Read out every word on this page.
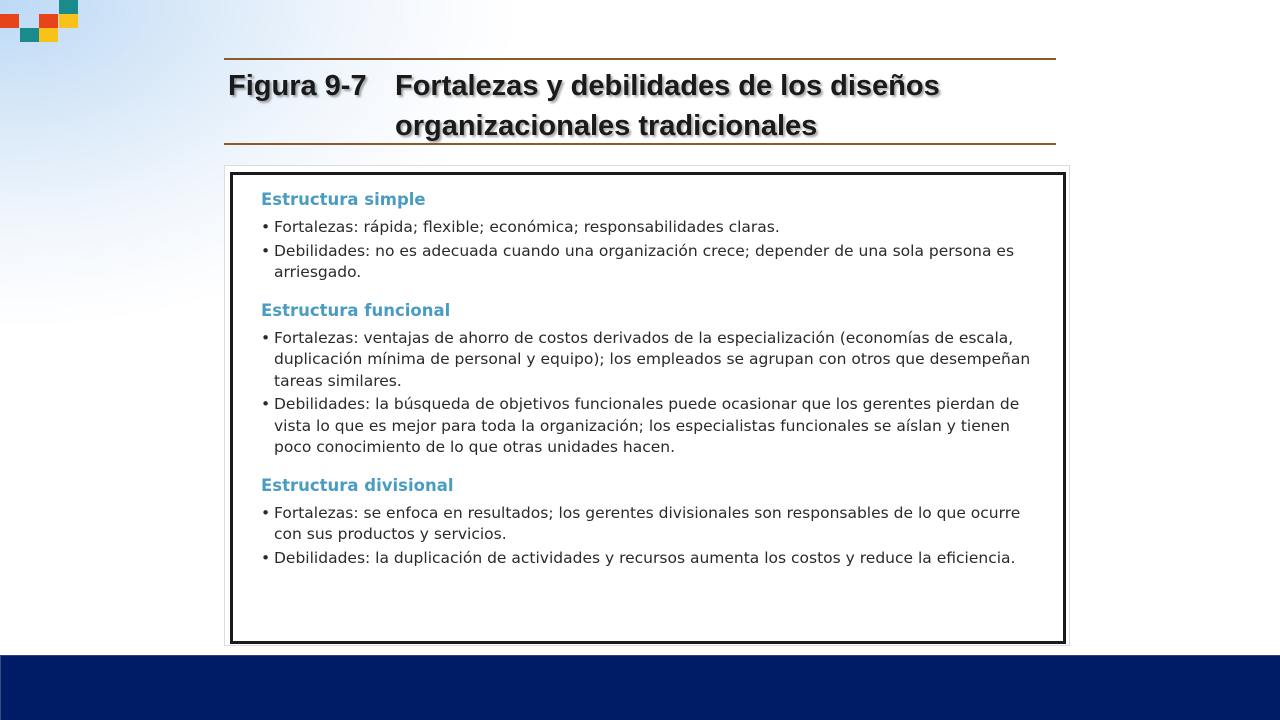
Figura 9-7 Fortalezas y debilidades de los diseños
organizacionales tradicionales
Estructura simple
• Fortalezas: rápida; flexible; económica; responsabilidades claras.
• Debilidades: no es adecuada cuando una organización crece; depender de una sola persona es arriesgado.
Estructura funcional
• Fortalezas: ventajas de ahorro de costos derivados de la especialización (economías de escala, duplicación mínima de personal y equipo); los empleados se agrupan con otros que desempeñan tareas similares.
• Debilidades: la búsqueda de objetivos funcionales puede ocasionar que los gerentes pierdan de vista lo que es mejor para toda la organización; los especialistas funcionales se aíslan y tienen poco conocimiento de lo que otras unidades hacen.
Estructura divisional
• Fortalezas: se enfoca en resultados; los gerentes divisionales son responsables de lo que ocurre con sus productos y servicios.
• Debilidades: la duplicación de actividades y recursos aumenta los costos y reduce la eficiencia.
